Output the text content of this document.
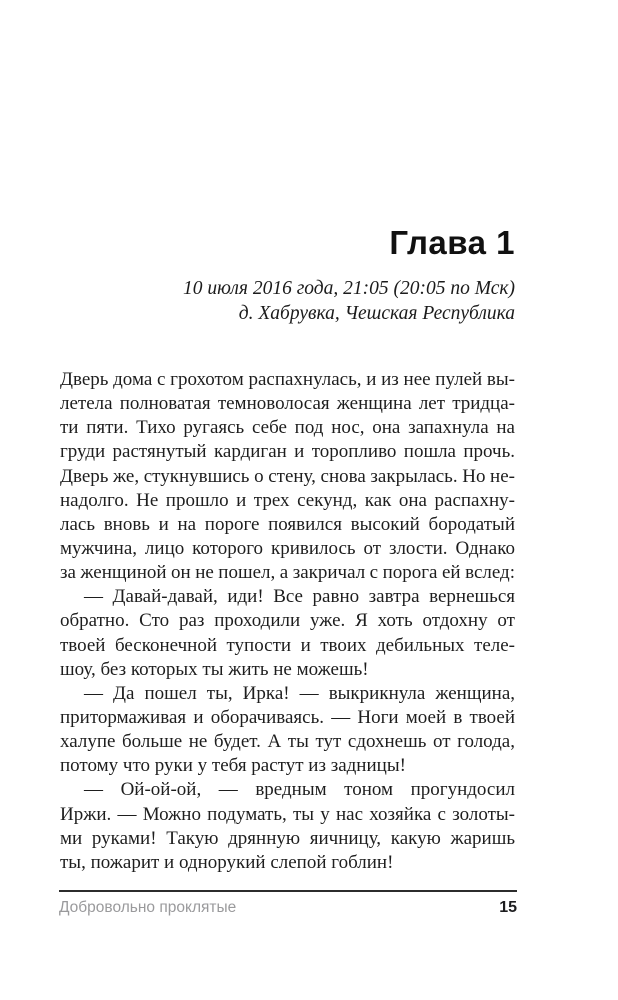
Глава 1
10 июля 2016 года, 21:05 (20:05 по Мск)
д. Хабрувка, Чешская Республика
Дверь дома с грохотом распахнулась, и из нее пулей вы-
летела полноватая темноволосая женщина лет тридца-
ти пяти. Тихо ругаясь себе под нос, она запахнула на
груди растянутый кардиган и торопливо пошла прочь.
Дверь же, стукнувшись о стену, снова закрылась. Но не-
надолго. Не прошло и трех секунд, как она распахну-
лась вновь и на пороге появился высокий бородатый
мужчина, лицо которого кривилось от злости. Однако
за женщиной он не пошел, а закричал с порога ей вслед:
— Давай-давай, иди! Все равно завтра вернешься
обратно. Сто раз проходили уже. Я хоть отдохну от
твоей бесконечной тупости и твоих дебильных теле-
шоу, без которых ты жить не можешь!
— Да пошел ты, Ирка! — выкрикнула женщина,
притормаживая и оборачиваясь. — Ноги моей в твоей
халупе больше не будет. А ты тут сдохнешь от голода,
потому что руки у тебя растут из задницы!
— Ой-ой-ой, — вредным тоном прогундосил
Иржи. — Можно подумать, ты у нас хозяйка с золоты-
ми руками! Такую дрянную яичницу, какую жаришь
ты, пожарит и однорукий слепой гоблин!
Добровольно проклятые	15
